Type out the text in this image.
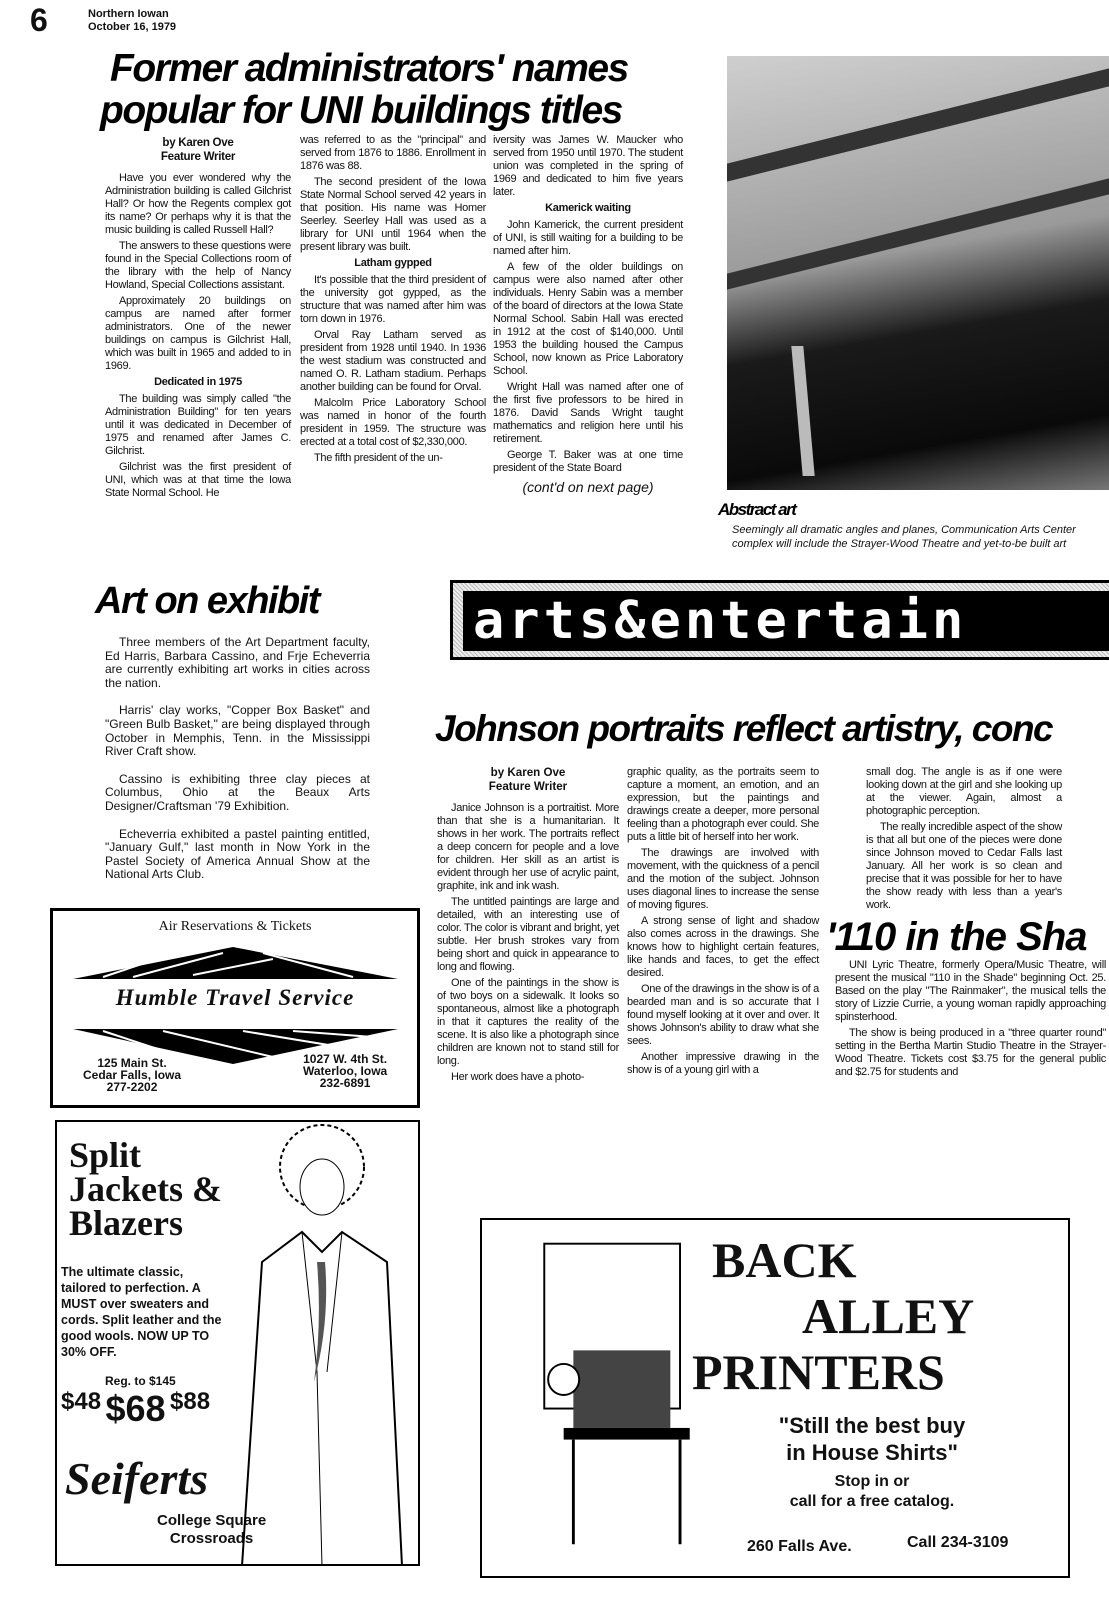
6	Northern Iowan
October 16, 1979
Former administrators' names
popular for UNI buildings titles
by Karen Ove
Feature Writer

Have you ever wondered why the Administration building is called Gilchrist Hall? Or how the Regents complex got its name? Or perhaps why it is that the music building is called Russell Hall?

The answers to these questions were found in the Special Collections room of the library with the help of Nancy Howland, Special Collections assistant.

Approximately 20 buildings on campus are named after former administrators. One of the newer buildings on campus is Gilchrist Hall, which was built in 1965 and added to in 1969.

Dedicated in 1975

The building was simply called "the Administration Building" for ten years until it was dedicated in December of 1975 and renamed after James C. Gilchrist.

Gilchrist was the first president of UNI, which was at that time the Iowa State Normal School. He

was referred to as the "principal" and served from 1876 to 1886. Enrollment in 1876 was 88.

The second president of the Iowa State Normal School served 42 years in that position. His name was Homer Seerley. Seerley Hall was used as a library for UNI until 1964 when the present library was built.

Latham gypped

It's possible that the third president of the university got gypped, as the structure that was named after him was torn down in 1976.

Orval Ray Latham served as president from 1928 until 1940. In 1936 the west stadium was constructed and named O. R. Latham stadium. Perhaps another building can be found for Orval.

Malcolm Price Laboratory School was named in honor of the fourth president in 1959. The structure was erected at a total cost of $2,330,000.

The fifth president of the un-

iversity was James W. Maucker who served from 1950 until 1970. The student union was completed in the spring of 1969 and dedicated to him five years later.

Kamerick waiting

John Kamerick, the current president of UNI, is still waiting for a building to be named after him.

A few of the older buildings on campus were also named after other individuals. Henry Sabin was a member of the board of directors at the Iowa State Normal School. Sabin Hall was erected in 1912 at the cost of $140,000. Until 1953 the building housed the Campus School, now known as Price Laboratory School.

Wright Hall was named after one of the first five professors to be hired in 1876. David Sands Wright taught mathematics and religion here until his retirement.

George T. Baker was at one time president of the State Board

(cont'd on next page)

Abstract art
Seemingly all dramatic angles and planes, Communication Arts Center complex will include the Strayer-Wood Theatre and yet-to-be built art
Art on exhibit

Three members of the Art Department faculty, Ed Harris, Barbara Cassino, and Frje Echeverria are currently exhibiting art works in cities across the nation.

Harris' clay works, "Copper Box Basket" and "Green Bulb Basket," are being displayed through October in Memphis, Tenn. in the Mississippi River Craft show.

Cassino is exhibiting three clay pieces at Columbus, Ohio at the Beaux Arts Designer/Craftsman '79 Exhibition.

Echeverria exhibited a pastel painting entitled, "January Gulf," last month in Now York in the Pastel Society of America Annual Show at the National Arts Club.

Air Reservations & Tickets
Humble Travel Service
125 Main St.
Cedar Falls, Iowa
277-2202
1027 W. 4th St.
Waterloo, Iowa
232-6891
arts&entertain
Johnson portraits reflect artistry, conc
by Karen Ove
Feature Writer

Janice Johnson is a portraitist. More than that she is a humanitarian. It shows in her work. The portraits reflect a deep concern for people and a love for children. Her skill as an artist is evident through her use of acrylic paint, graphite, ink and ink wash.

The untitled paintings are large and detailed, with an interesting use of color. The color is vibrant and bright, yet subtle. Her brush strokes vary from being short and quick in appearance to long and flowing.

One of the paintings in the show is of two boys on a sidewalk. It looks so spontaneous, almost like a photograph in that it captures the reality of the scene. It is also like a photograph since children are known not to stand still for long.

Her work does have a photo-

graphic quality, as the portraits seem to capture a moment, an emotion, and an expression, but the paintings and drawings create a deeper, more personal feeling than a photograph ever could. She puts a little bit of herself into her work.

The drawings are involved with movement, with the quickness of a pencil and the motion of the subject. Johnson uses diagonal lines to increase the sense of moving figures.

A strong sense of light and shadow also comes across in the drawings. She knows how to highlight certain features, like hands and faces, to get the effect desired.

One of the drawings in the show is of a bearded man and is so accurate that I found myself looking at it over and over. It shows Johnson's ability to draw what she sees.

Another impressive drawing in the show is of a young girl with a

small dog. The angle is as if one were looking down at the girl and she looking up at the viewer. Again, almost a photographic perception.

The really incredible aspect of the show is that all but one of the pieces were done since Johnson moved to Cedar Falls last January. All her work is so clean and precise that it was possible for her to have the show ready with less than a year's work.

'110 in the Sha

UNI Lyric Theatre, formerly Opera/Music Theatre, will present the musical "110 in the Shade" beginning Oct. 25. Based on the play "The Rainmaker", the musical tells the story of Lizzie Currie, a young woman rapidly approaching spinsterhood.

The show is being produced in a "three quarter round" setting in the Bertha Martin Studio Theatre in the Strayer-Wood Theatre. Tickets cost $3.75 for the general public and $2.75 for students and

Split
Jackets &
Blazers
The ultimate classic, tailored to perfection. A MUST over sweaters and cords. Split leather and the good wools. NOW UP TO 30% OFF.
Reg. to $145
$48 $68 $88
Seiferts
College Square
Crossroads
BACK
ALLEY
PRINTERS
"Still the best buy
in House Shirts"
Stop in or
call for a free catalog.
260 Falls Ave.	Call 234-3109
